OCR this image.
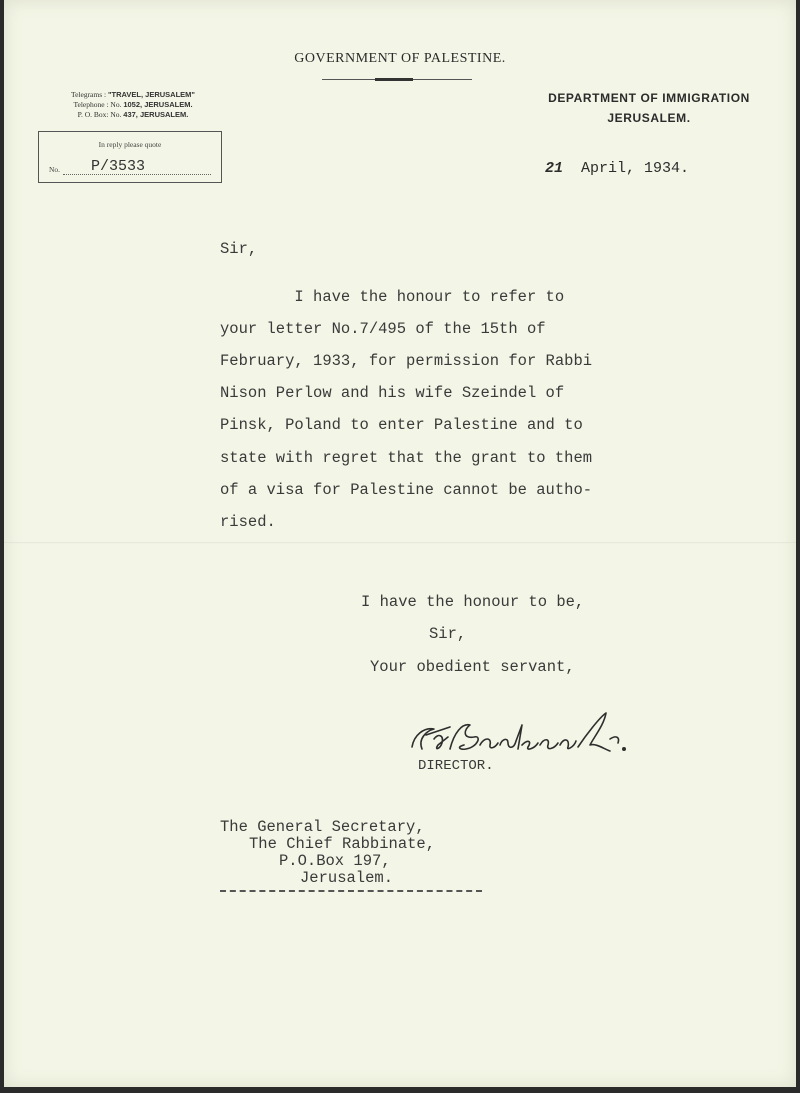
GOVERNMENT OF PALESTINE.
Telegrams : "TRAVEL, JERUSALEM"
Telephone : No. 1052, JERUSALEM.
P. O. Box: No. 437, JERUSALEM.
DEPARTMENT OF IMMIGRATION
JERUSALEM.
In reply please quote
No. P/3533	21 April, 1934.
Sir,
I have the honour to refer to
your letter No.7/495 of the 15th of
February, 1933, for permission for Rabbi
Nison Perlow and his wife Szeindel of
Pinsk, Poland to enter Palestine and to
state with regret that the grant to them
of a visa for Palestine cannot be autho-
rised.
I have the honour to be,
Sir,
Your obedient servant,
DIRECTOR.
The General Secretary,
The Chief Rabbinate,
P.O.Box 197,
Jerusalem.
